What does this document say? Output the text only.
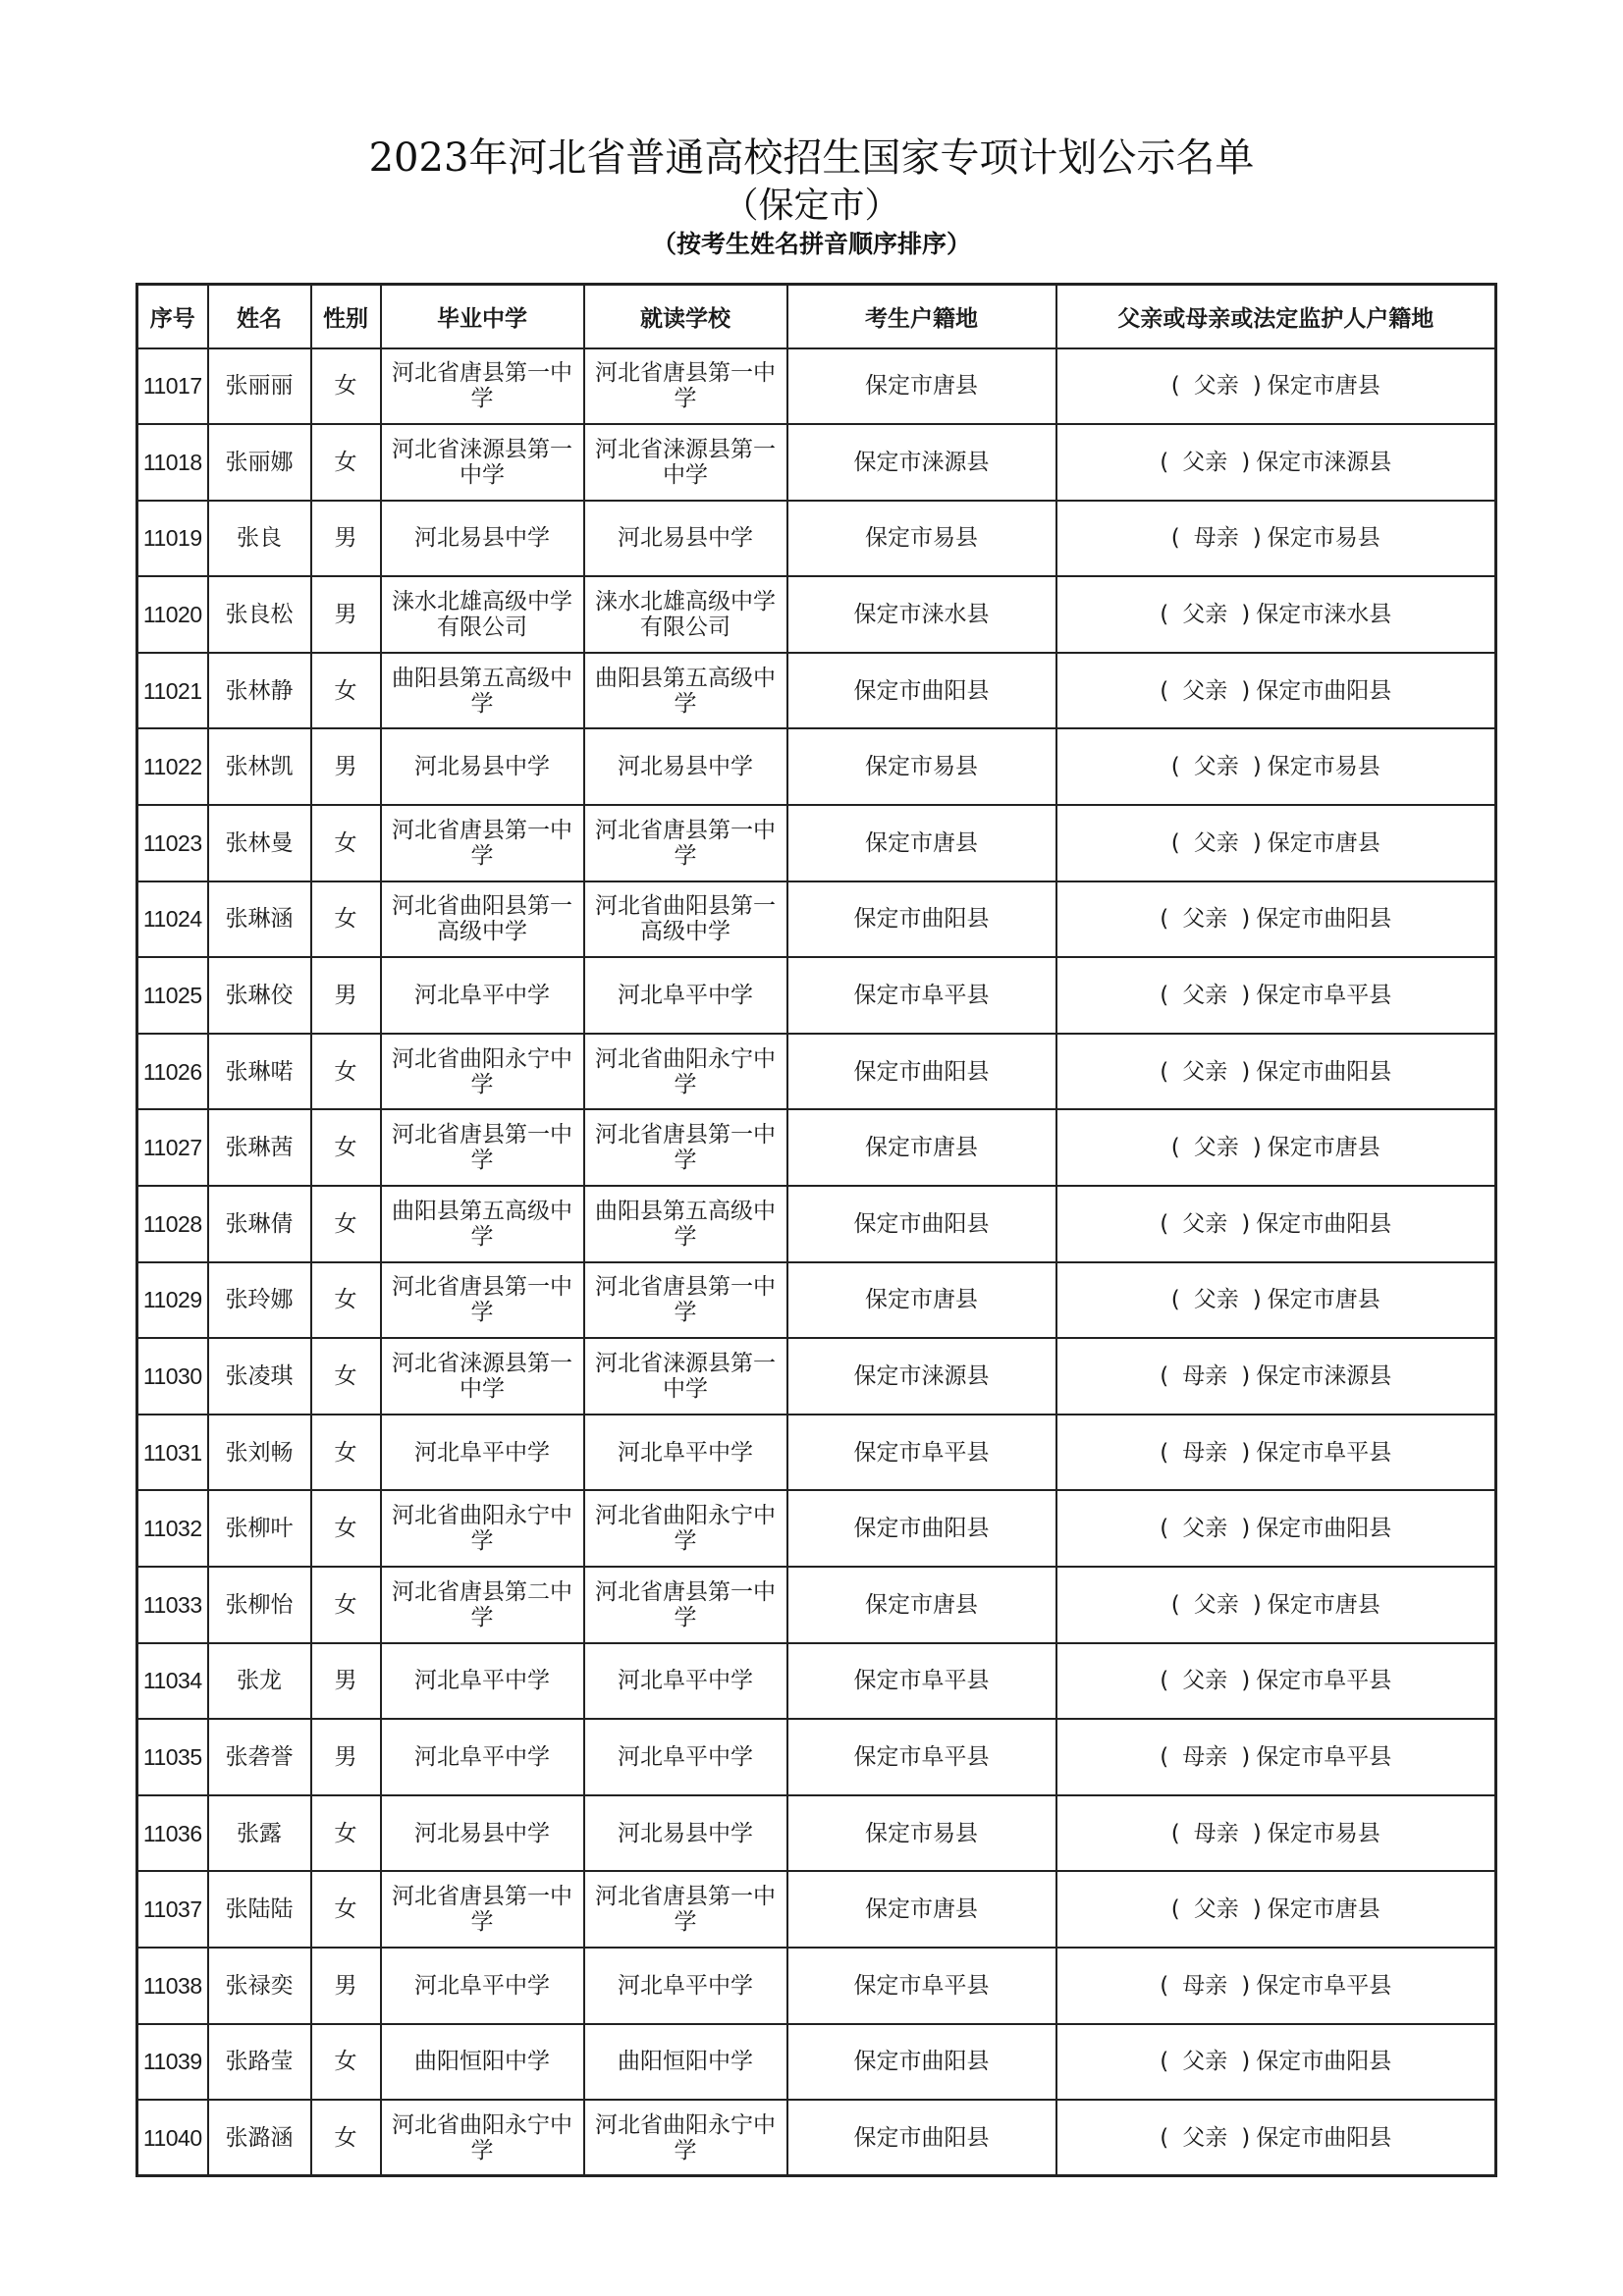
2023年河北省普通高校招生国家专项计划公示名单
（保定市）
（按考生姓名拼音顺序排序）
序号	姓名	性别	毕业中学	就读学校	考生户籍地	父亲或母亲或法定监护人户籍地
11017	张丽丽	女	河北省唐县第一中学	河北省唐县第一中学	保定市唐县	( 父亲 ) 保定市唐县
11018	张丽娜	女	河北省涞源县第一中学	河北省涞源县第一中学	保定市涞源县	( 父亲 ) 保定市涞源县
11019	张良	男	河北易县中学	河北易县中学	保定市易县	( 母亲 ) 保定市易县
11020	张良松	男	涞水北雄高级中学有限公司	涞水北雄高级中学有限公司	保定市涞水县	( 父亲 ) 保定市涞水县
11021	张林静	女	曲阳县第五高级中学	曲阳县第五高级中学	保定市曲阳县	( 父亲 ) 保定市曲阳县
11022	张林凯	男	河北易县中学	河北易县中学	保定市易县	( 父亲 ) 保定市易县
11023	张林曼	女	河北省唐县第一中学	河北省唐县第一中学	保定市唐县	( 父亲 ) 保定市唐县
11024	张琳涵	女	河北省曲阳县第一高级中学	河北省曲阳县第一高级中学	保定市曲阳县	( 父亲 ) 保定市曲阳县
11025	张琳佼	男	河北阜平中学	河北阜平中学	保定市阜平县	( 父亲 ) 保定市阜平县
11026	张琳喏	女	河北省曲阳永宁中学	河北省曲阳永宁中学	保定市曲阳县	( 父亲 ) 保定市曲阳县
11027	张琳茜	女	河北省唐县第一中学	河北省唐县第一中学	保定市唐县	( 父亲 ) 保定市唐县
11028	张琳倩	女	曲阳县第五高级中学	曲阳县第五高级中学	保定市曲阳县	( 父亲 ) 保定市曲阳县
11029	张玲娜	女	河北省唐县第一中学	河北省唐县第一中学	保定市唐县	( 父亲 ) 保定市唐县
11030	张凌琪	女	河北省涞源县第一中学	河北省涞源县第一中学	保定市涞源县	( 母亲 ) 保定市涞源县
11031	张刘畅	女	河北阜平中学	河北阜平中学	保定市阜平县	( 母亲 ) 保定市阜平县
11032	张柳叶	女	河北省曲阳永宁中学	河北省曲阳永宁中学	保定市曲阳县	( 父亲 ) 保定市曲阳县
11033	张柳怡	女	河北省唐县第二中学	河北省唐县第一中学	保定市唐县	( 父亲 ) 保定市唐县
11034	张龙	男	河北阜平中学	河北阜平中学	保定市阜平县	( 父亲 ) 保定市阜平县
11035	张砻誉	男	河北阜平中学	河北阜平中学	保定市阜平县	( 母亲 ) 保定市阜平县
11036	张露	女	河北易县中学	河北易县中学	保定市易县	( 母亲 ) 保定市易县
11037	张陆陆	女	河北省唐县第一中学	河北省唐县第一中学	保定市唐县	( 父亲 ) 保定市唐县
11038	张禄奕	男	河北阜平中学	河北阜平中学	保定市阜平县	( 母亲 ) 保定市阜平县
11039	张路莹	女	曲阳恒阳中学	曲阳恒阳中学	保定市曲阳县	( 父亲 ) 保定市曲阳县
11040	张潞涵	女	河北省曲阳永宁中学	河北省曲阳永宁中学	保定市曲阳县	( 父亲 ) 保定市曲阳县
